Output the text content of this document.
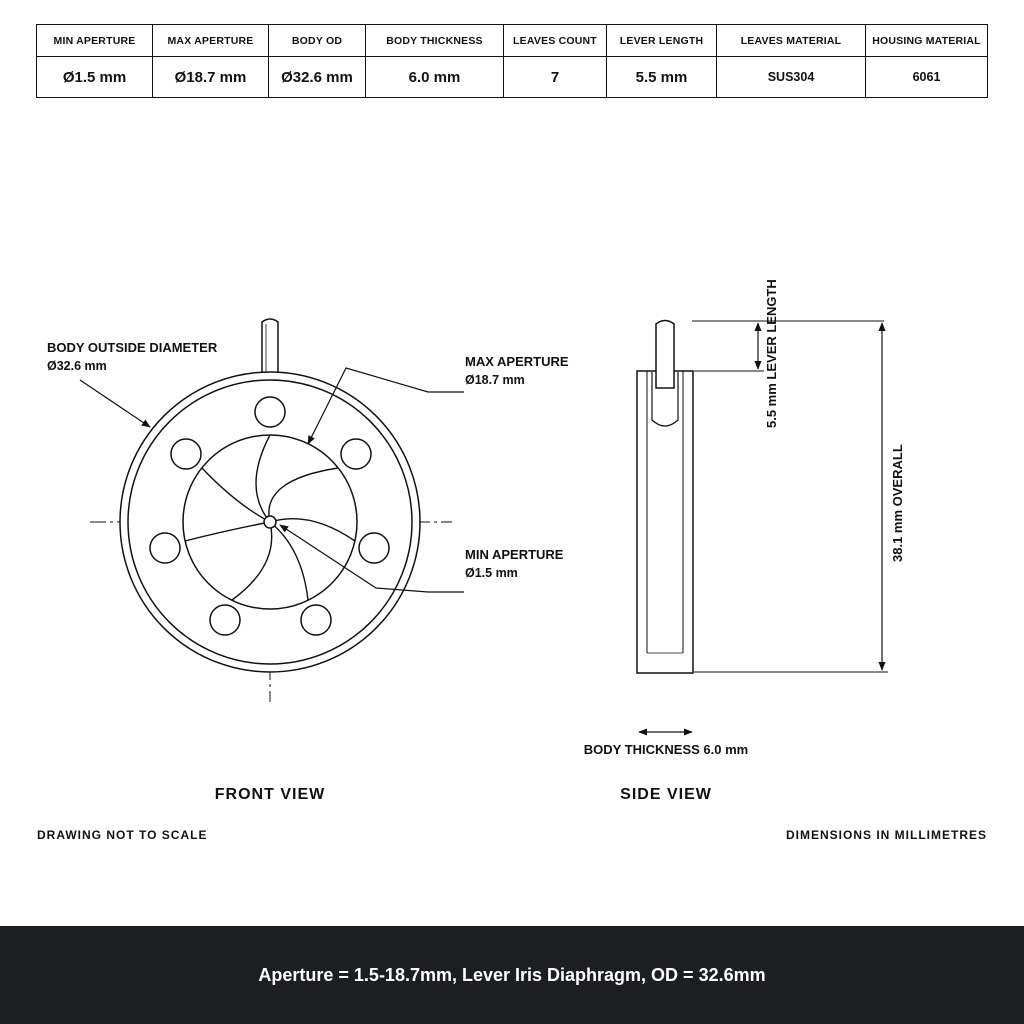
MIN APERTURE	MAX APERTURE	BODY OD	BODY THICKNESS	LEAVES COUNT	LEVER LENGTH	LEAVES MATERIAL	HOUSING MATERIAL
Ø1.5 mm	Ø18.7 mm	Ø32.6 mm	6.0 mm	7	5.5 mm	SUS304	6061
BODY OUTSIDE DIAMETER
Ø32.6 mm	MAX APERTURE
Ø18.7 mm
MIN APERTURE
Ø1.5 mm
FRONT VIEW
5.5 mm LEVER LENGTH
38.1 mm OVERALL
BODY THICKNESS 6.0 mm
SIDE VIEW
DRAWING NOT TO SCALE	DIMENSIONS IN MILLIMETRES
Aperture = 1.5-18.7mm, Lever Iris Diaphragm, OD = 32.6mm
